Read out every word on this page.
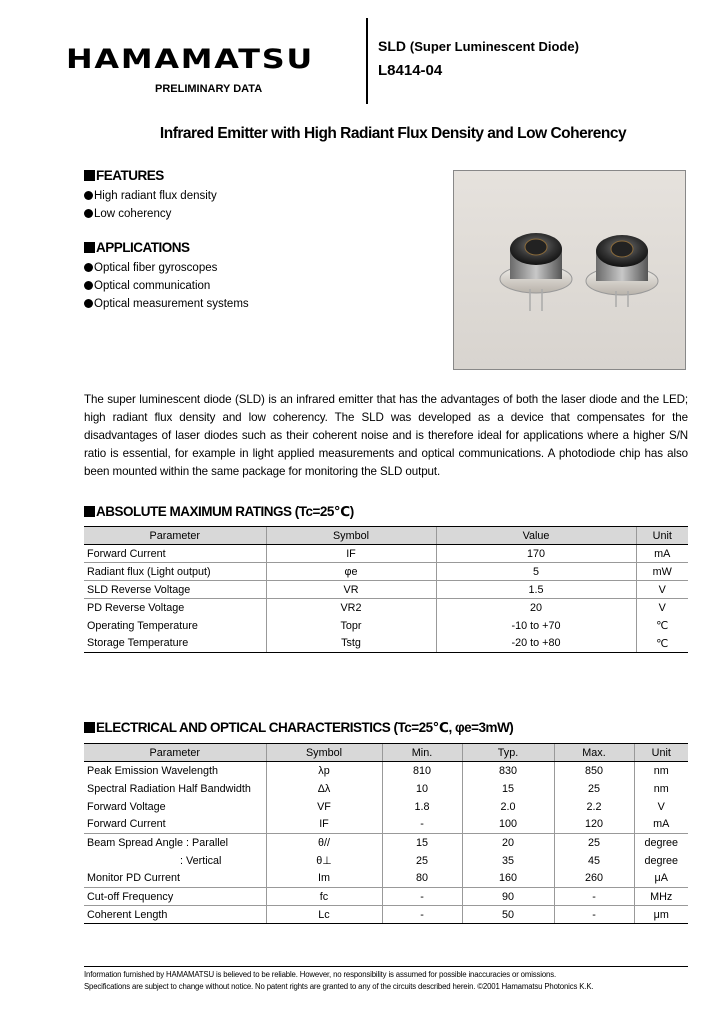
HAMAMATSU
PRELIMINARY DATA
SLD (Super Luminescent Diode)
L8414-04
Infrared Emitter with High Radiant Flux Density and Low Coherency
FEATURES
High radiant flux density
Low coherency
APPLICATIONS
Optical fiber gyroscopes
Optical communication
Optical measurement systems
The super luminescent diode (SLD) is an infrared emitter that has the advantages of both the laser diode and the LED; high radiant flux density and low coherency. The SLD was developed as a device that compensates for the disadvantages of laser diodes such as their coherent noise and is therefore ideal for applications where a higher S/N ratio is essential, for example in light applied measurements and optical communications. A photodiode chip has also been mounted within the same package for monitoring the SLD output.
ABSOLUTE MAXIMUM RATINGS (Tc=25℃)
Parameter	Symbol	Value	Unit
Forward Current	IF	170	mA
Radiant flux (Light output)	φe	5	mW
SLD Reverse Voltage	VR	1.5	V
PD Reverse Voltage	VR2	20	V
Operating Temperature	Topr	-10 to +70	℃
Storage Temperature	Tstg	-20 to +80	℃
ELECTRICAL AND OPTICAL CHARACTERISTICS (Tc=25℃, φe=3mW)
Parameter	Symbol	Min.	Typ.	Max.	Unit
Peak Emission Wavelength	λp	810	830	850	nm
Spectral Radiation Half Bandwidth	Δλ	10	15	25	nm
Forward Voltage	VF	1.8	2.0	2.2	V
Forward Current	IF	-	100	120	mA
Beam Spread Angle : Parallel	θ//	15	20	25	degree
: Vertical	θ⊥	25	35	45	degree
Monitor PD Current	Im	80	160	260	μA
Cut-off Frequency	fc	-	90	-	MHz
Coherent Length	Lc	-	50	-	μm
Information furnished by HAMAMATSU is believed to be reliable. However, no responsibility is assumed for possible inaccuracies or omissions.
Specifications are subject to change without notice. No patent rights are granted to any of the circuits described herein. ©2001 Hamamatsu Photonics K.K.
